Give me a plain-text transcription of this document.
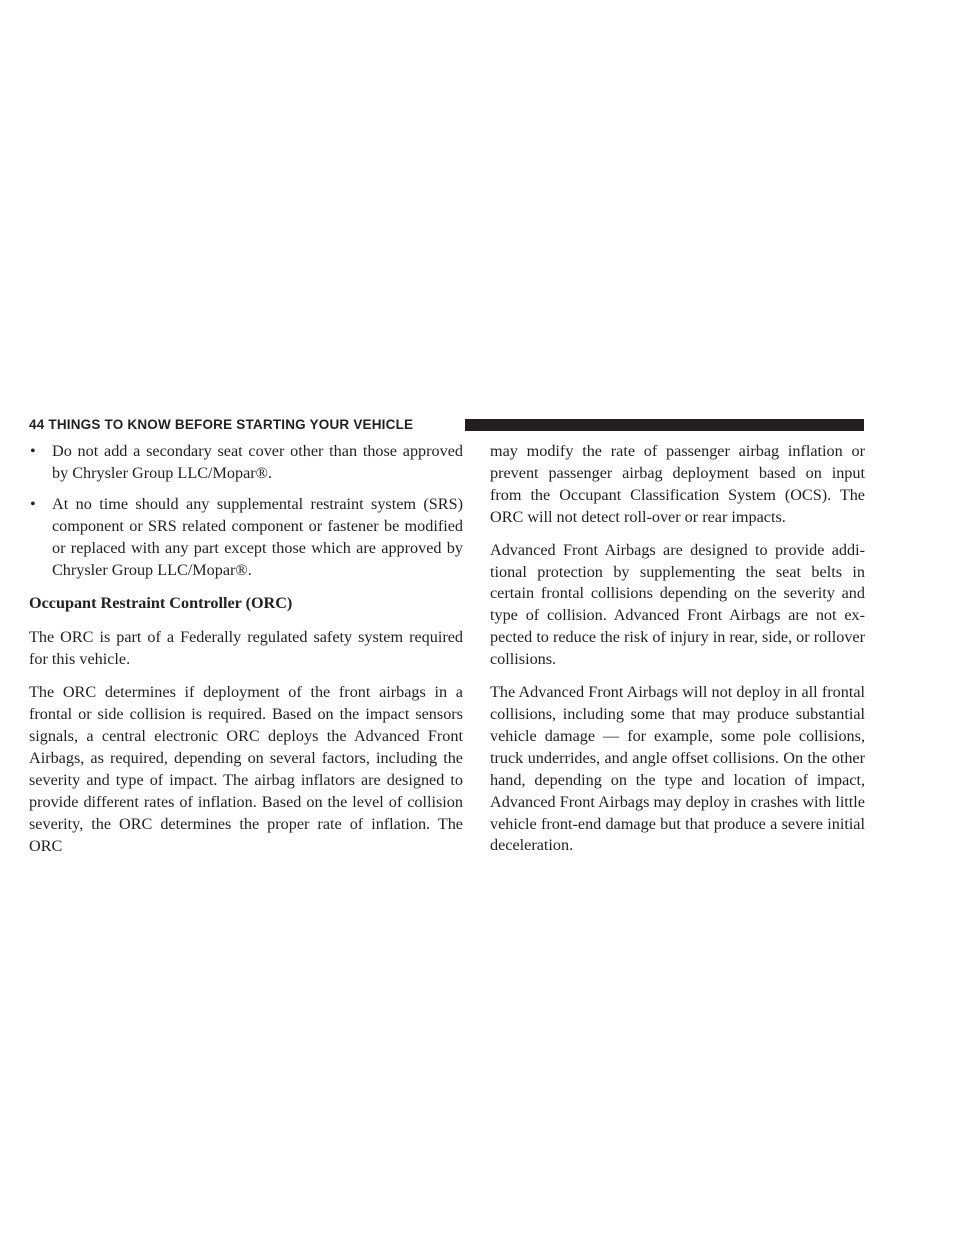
44 THINGS TO KNOW BEFORE STARTING YOUR VEHICLE
• Do not add a secondary seat cover other than those approved by Chrysler Group LLC/Mopar®.
• At no time should any supplemental restraint system (SRS) component or SRS related component or fastener be modified or replaced with any part except those which are approved by Chrysler Group LLC/Mopar®.
Occupant Restraint Controller (ORC)

The ORC is part of a Federally regulated safety system required for this vehicle.

The ORC determines if deployment of the front airbags in a frontal or side collision is required. Based on the impact sensors signals, a central electronic ORC deploys the Advanced Front Airbags, as required, depending on several factors, including the severity and type of impact. The airbag inflators are designed to provide different rates of inflation. Based on the level of collision severity, the ORC determines the proper rate of inflation. The ORC

may modify the rate of passenger airbag inflation or prevent passenger airbag deployment based on input from the Occupant Classification System (OCS). The ORC will not detect roll-over or rear impacts.

Advanced Front Airbags are designed to provide addi-tional protection by supplementing the seat belts in certain frontal collisions depending on the severity and type of collision. Advanced Front Airbags are not ex-pected to reduce the risk of injury in rear, side, or rollover collisions.

The Advanced Front Airbags will not deploy in all frontal collisions, including some that may produce substantial vehicle damage — for example, some pole collisions, truck underrides, and angle offset collisions. On the other hand, depending on the type and location of impact, Advanced Front Airbags may deploy in crashes with little vehicle front-end damage but that produce a severe initial deceleration.
